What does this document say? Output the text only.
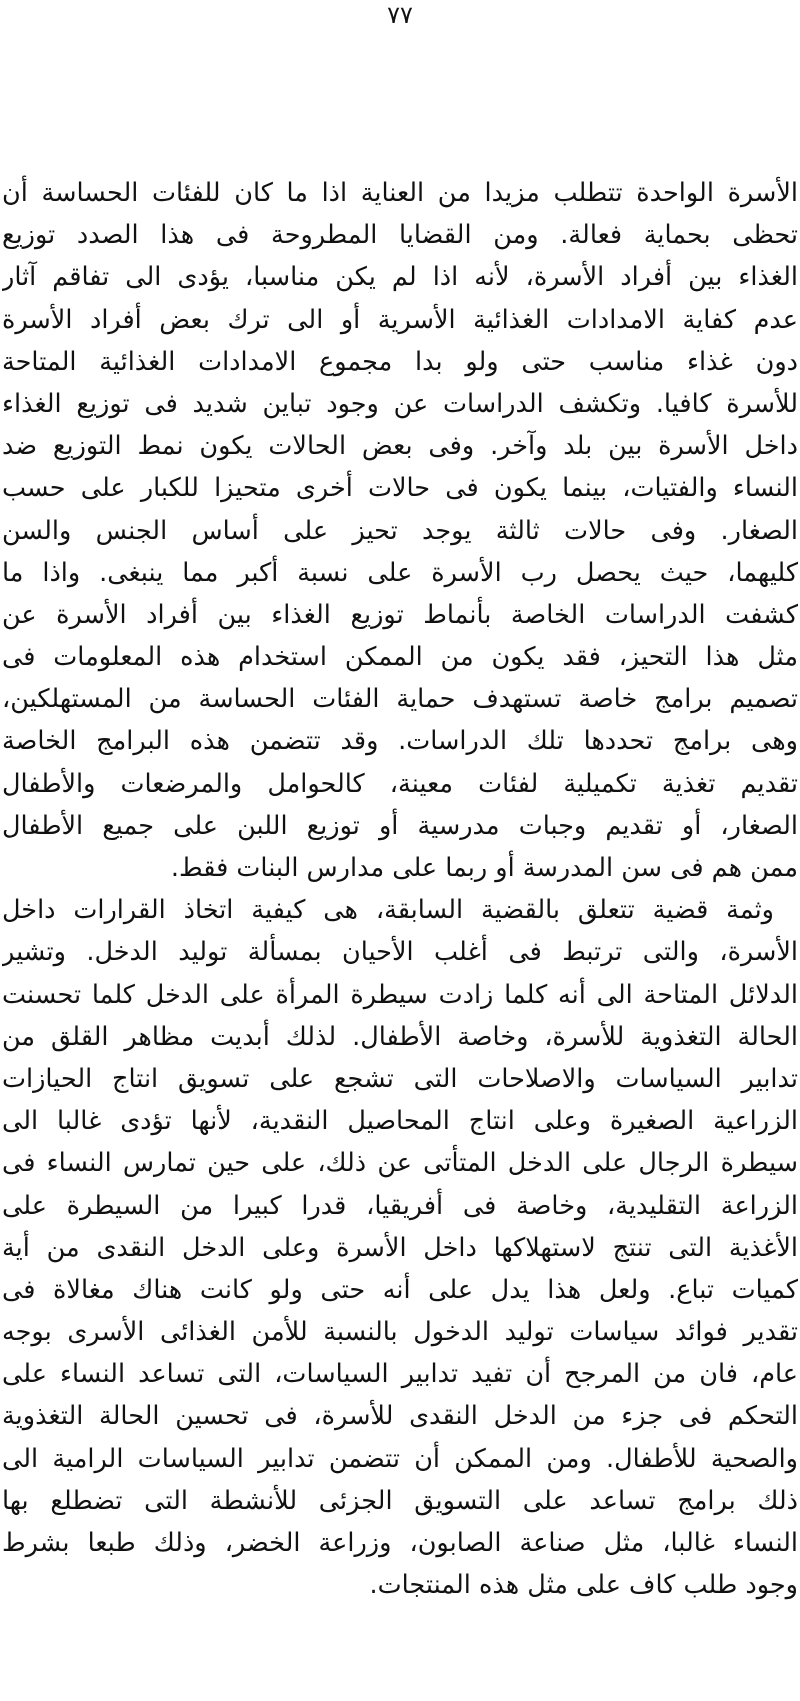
٧٧
الأسرة الواحدة تتطلب مزيدا من العناية اذا ما كان للفئات الحساسة أن
تحظى بحماية فعالة. ومن القضايا المطروحة فى هذا الصدد توزيع
الغذاء بين أفراد الأسرة، لأنه اذا لم يكن مناسبا، يؤدى الى تفاقم آثار
عدم كفاية الامدادات الغذائية الأسرية أو الى ترك بعض أفراد الأسرة
دون غذاء مناسب حتى ولو بدا مجموع الامدادات الغذائية المتاحة
للأسرة كافيا. وتكشف الدراسات عن وجود تباين شديد فى توزيع الغذاء
داخل الأسرة بين بلد وآخر. وفى بعض الحالات يكون نمط التوزيع ضد
النساء والفتيات، بينما يكون فى حالات أخرى متحيزا للكبار على حسب
الصغار. وفى حالات ثالثة يوجد تحيز على أساس الجنس والسن
كليهما، حيث يحصل رب الأسرة على نسبة أكبر مما ينبغى. واذا ما
كشفت الدراسات الخاصة بأنماط توزيع الغذاء بين أفراد الأسرة عن
مثل هذا التحيز، فقد يكون من الممكن استخدام هذه المعلومات فى
تصميم برامج خاصة تستهدف حماية الفئات الحساسة من المستهلكين،
وهى برامج تحددها تلك الدراسات. وقد تتضمن هذه البرامج الخاصة
تقديم تغذية تكميلية لفئات معينة، كالحوامل والمرضعات والأطفال
الصغار، أو تقديم وجبات مدرسية أو توزيع اللبن على جميع الأطفال
ممن هم فى سن المدرسة أو ربما على مدارس البنات فقط.
وثمة قضية تتعلق بالقضية السابقة، هى كيفية اتخاذ القرارات داخل
الأسرة، والتى ترتبط فى أغلب الأحيان بمسألة توليد الدخل. وتشير
الدلائل المتاحة الى أنه كلما زادت سيطرة المرأة على الدخل كلما تحسنت
الحالة التغذوية للأسرة، وخاصة الأطفال. لذلك أبديت مظاهر القلق من
تدابير السياسات والاصلاحات التى تشجع على تسويق انتاج الحيازات
الزراعية الصغيرة وعلى انتاج المحاصيل النقدية، لأنها تؤدى غالبا الى
سيطرة الرجال على الدخل المتأتى عن ذلك، على حين تمارس النساء فى
الزراعة التقليدية، وخاصة فى أفريقيا، قدرا كبيرا من السيطرة على
الأغذية التى تنتج لاستهلاكها داخل الأسرة وعلى الدخل النقدى من أية
كميات تباع. ولعل هذا يدل على أنه حتى ولو كانت هناك مغالاة فى
تقدير فوائد سياسات توليد الدخول بالنسبة للأمن الغذائى الأسرى بوجه
عام، فان من المرجح أن تفيد تدابير السياسات، التى تساعد النساء على
التحكم فى جزء من الدخل النقدى للأسرة، فى تحسين الحالة التغذوية
والصحية للأطفال. ومن الممكن أن تتضمن تدابير السياسات الرامية الى
ذلك برامج تساعد على التسويق الجزئى للأنشطة التى تضطلع بها
النساء غالبا، مثل صناعة الصابون، وزراعة الخضر، وذلك طبعا بشرط
وجود طلب كاف على مثل هذه المنتجات.
